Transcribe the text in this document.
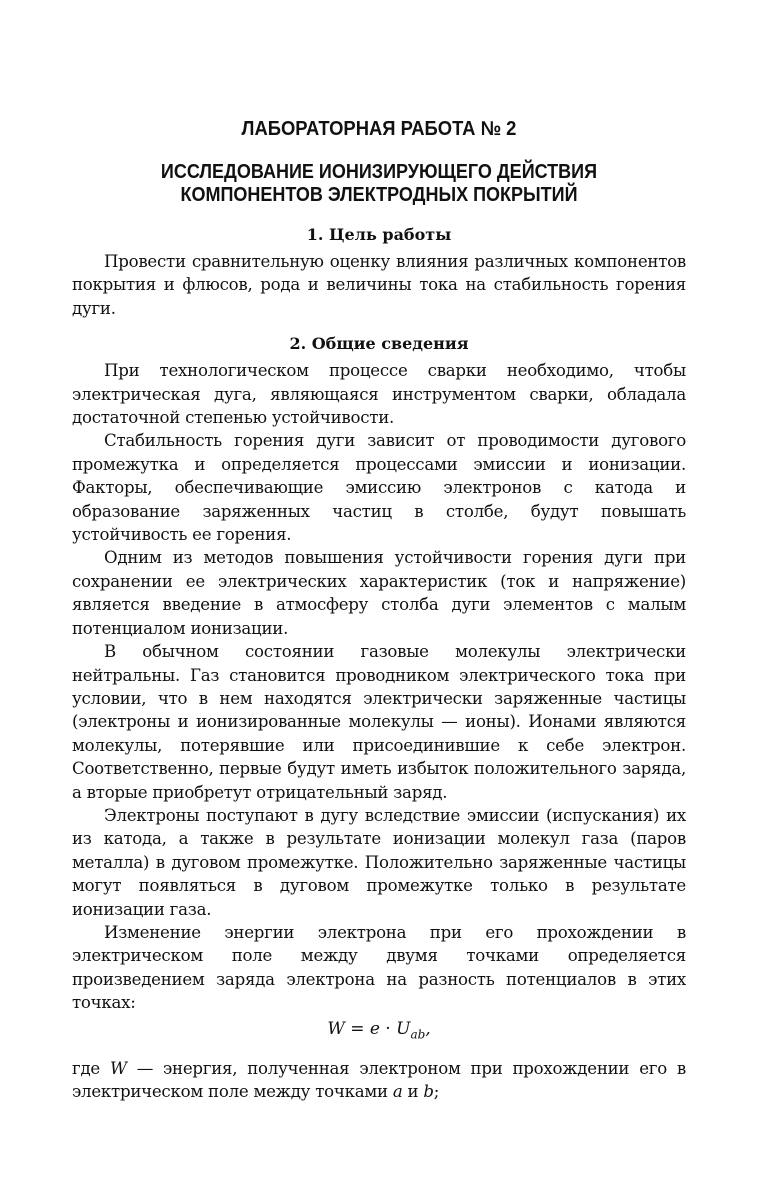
ЛАБОРАТОРНАЯ РАБОТА № 2
ИССЛЕДОВАНИЕ ИОНИЗИРУЮЩЕГО ДЕЙСТВИЯ
КОМПОНЕНТОВ ЭЛЕКТРОДНЫХ ПОКРЫТИЙ
1. Цель работы

Провести сравнительную оценку влияния различных компонентов покрытия и флюсов, рода и величины тока на стабильность горения дуги.

2. Общие сведения

При технологическом процессе сварки необходимо, чтобы электрическая дуга, являющаяся инструментом сварки, обладала достаточной степенью устойчивости.

Стабильность горения дуги зависит от проводимости дугового промежутка и определяется процессами эмиссии и ионизации. Факторы, обеспечивающие эмиссию электронов с катода и образование заряженных частиц в столбе, будут повышать устойчивость ее горения.

Одним из методов повышения устойчивости горения дуги при сохранении ее электрических характеристик (ток и напряжение) является введение в атмосферу столба дуги элементов с малым потенциалом ионизации.

В обычном состоянии газовые молекулы электрически нейтральны. Газ становится проводником электрического тока при условии, что в нем находятся электрически заряженные частицы (электроны и ионизированные молекулы — ионы). Ионами являются молекулы, потерявшие или присоединившие к себе электрон. Соответственно, первые будут иметь избыток положительного заряда, а вторые приобретут отрицательный заряд.

Электроны поступают в дугу вследствие эмиссии (испускания) их из катода, а также в результате ионизации молекул газа (паров металла) в дуговом промежутке. Положительно заряженные частицы могут появляться в дуговом промежутке только в результате ионизации газа.

Изменение энергии электрона при его прохождении в электрическом поле между двумя точками определяется произведением заряда электрона на разность потенциалов в этих точках:

$W = e \cdot U_{ab}$,

где W — энергия, полученная электроном при прохождении его в электрическом поле между точками a и b;
